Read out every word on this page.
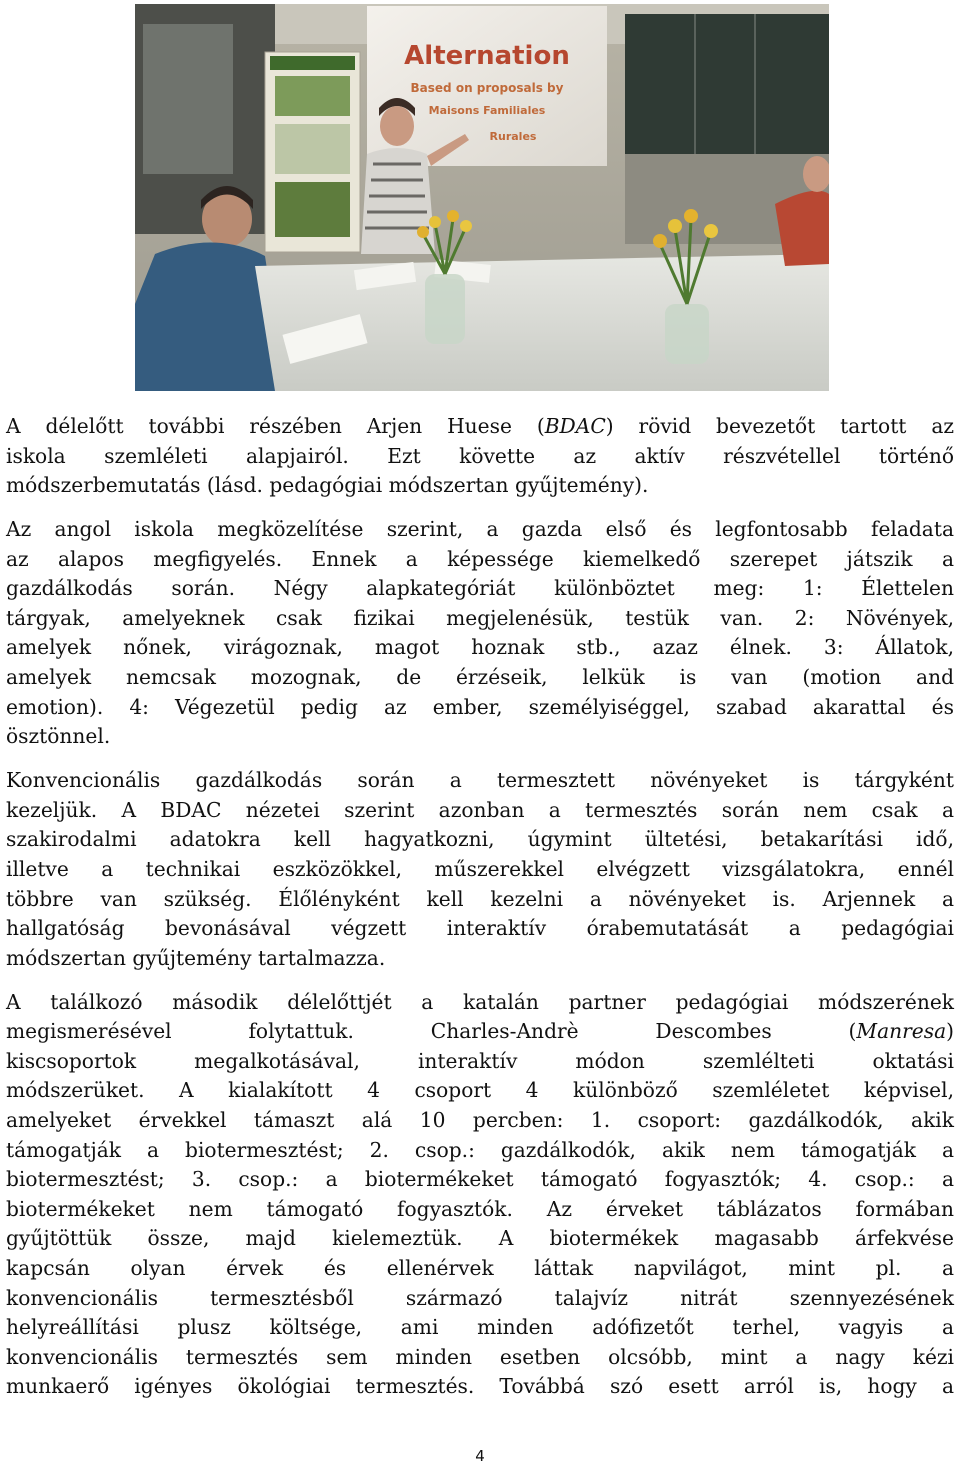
Alternation
Based on proposals by
Maisons Familiales
Rurales

A délelőtt további részében Arjen Huese (BDAC) rövid bevezetőt tartott az
iskola szemléleti alapjairól. Ezt követte az aktív részvétellel történő
módszerbemutatás (lásd. pedagógiai módszertan gyűjtemény).

Az angol iskola megközelítése szerint, a gazda első és legfontosabb feladata
az alapos megfigyelés. Ennek a képessége kiemelkedő szerepet játszik a
gazdálkodás során. Négy alapkategóriát különböztet meg: 1: Élettelen
tárgyak, amelyeknek csak fizikai megjelenésük, testük van. 2: Növények,
amelyek nőnek, virágoznak, magot hoznak stb., azaz élnek. 3: Állatok,
amelyek nemcsak mozognak, de érzéseik, lelkük is van (motion and
emotion). 4: Végezetül pedig az ember, személyiséggel, szabad akarattal és
ösztönnel.

Konvencionális gazdálkodás során a termesztett növényeket is tárgyként
kezeljük. A BDAC nézetei szerint azonban a termesztés során nem csak a
szakirodalmi adatokra kell hagyatkozni, úgymint ültetési, betakarítási idő,
illetve a technikai eszközökkel, műszerekkel elvégzett vizsgálatokra, ennél
többre van szükség. Élőlényként kell kezelni a növényeket is. Arjennek a
hallgatóság bevonásával végzett interaktív órabemutatását a pedagógiai
módszertan gyűjtemény tartalmazza.

A találkozó második délelőttjét a katalán partner pedagógiai módszerének
megismerésével folytattuk. Charles-Andrè Descombes (Manresa)
kiscsoportok megalkotásával, interaktív módon szemlélteti oktatási
módszerüket. A kialakított 4 csoport 4 különböző szemléletet képvisel,
amelyeket érvekkel támaszt alá 10 percben: 1. csoport: gazdálkodók, akik
támogatják a biotermesztést; 2. csop.: gazdálkodók, akik nem támogatják a
biotermesztést; 3. csop.: a biotermékeket támogató fogyasztók; 4. csop.: a
biotermékeket nem támogató fogyasztók. Az érveket táblázatos formában
gyűjtöttük össze, majd kielemeztük. A biotermékek magasabb árfekvése
kapcsán olyan érvek és ellenérvek láttak napvilágot, mint pl. a
konvencionális termesztésből származó talajvíz nitrát szennyezésének
helyreállítási plusz költsége, ami minden adófizetőt terhel, vagyis a
konvencionális termesztés sem minden esetben olcsóbb, mint a nagy kézi
munkaerő igényes ökológiai termesztés. Továbbá szó esett arról is, hogy a

4
